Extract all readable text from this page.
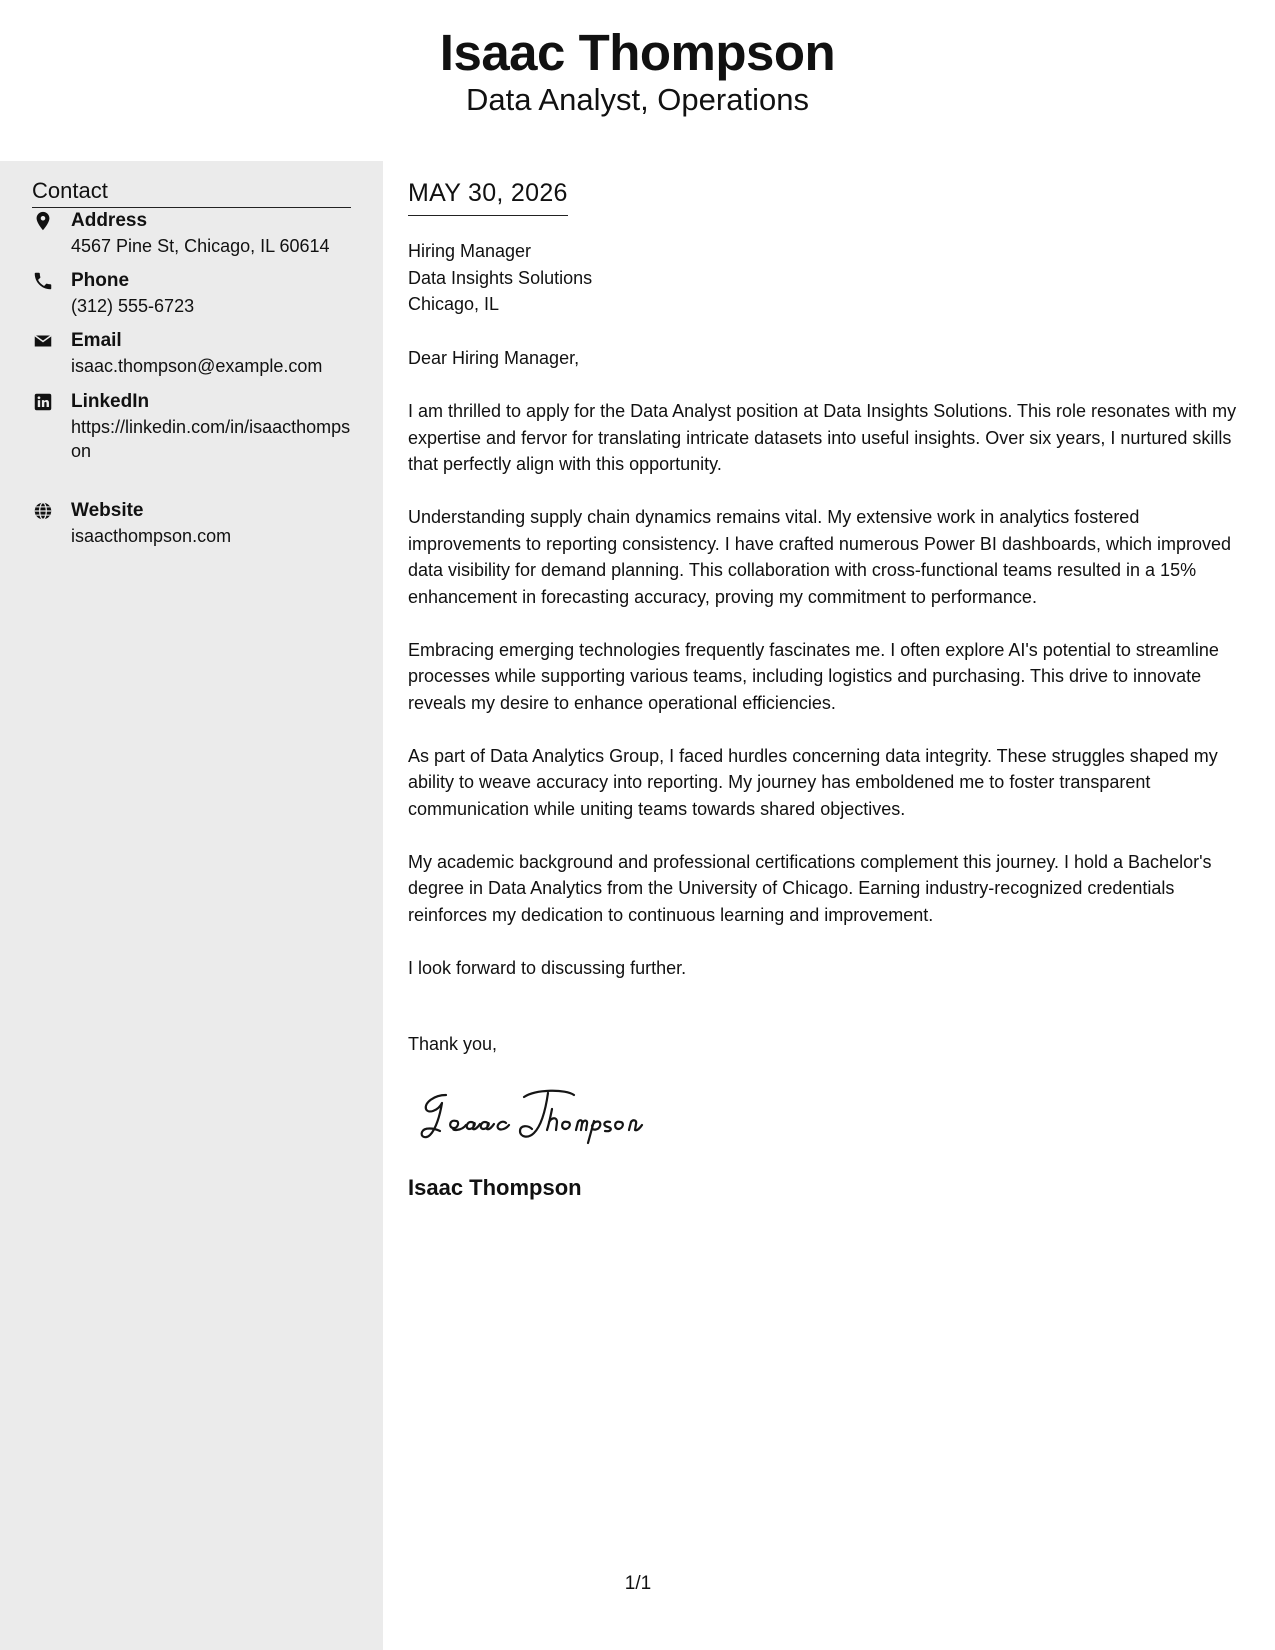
Isaac Thompson
Data Analyst, Operations
Contact
Address
4567 Pine St, Chicago, IL 60614
Phone
(312) 555-6723
Email
isaac.thompson@example.com
LinkedIn
https://linkedin.com/in/isaacthompson
Website
isaacthompson.com
MAY 30, 2026
Hiring Manager
Data Insights Solutions
Chicago, IL
Dear Hiring Manager,

I am thrilled to apply for the Data Analyst position at Data Insights Solutions. This role resonates with my expertise and fervor for translating intricate datasets into useful insights. Over six years, I nurtured skills that perfectly align with this opportunity.

Understanding supply chain dynamics remains vital. My extensive work in analytics fostered improvements to reporting consistency. I have crafted numerous Power BI dashboards, which improved data visibility for demand planning. This collaboration with cross-functional teams resulted in a 15% enhancement in forecasting accuracy, proving my commitment to performance.

Embracing emerging technologies frequently fascinates me. I often explore AI's potential to streamline processes while supporting various teams, including logistics and purchasing. This drive to innovate reveals my desire to enhance operational efficiencies.

As part of Data Analytics Group, I faced hurdles concerning data integrity. These struggles shaped my ability to weave accuracy into reporting. My journey has emboldened me to foster transparent communication while uniting teams towards shared objectives.

My academic background and professional certifications complement this journey. I hold a Bachelor's degree in Data Analytics from the University of Chicago. Earning industry-recognized credentials reinforces my dedication to continuous learning and improvement.

I look forward to discussing further.

Thank you,
Isaac Thompson
1/1
